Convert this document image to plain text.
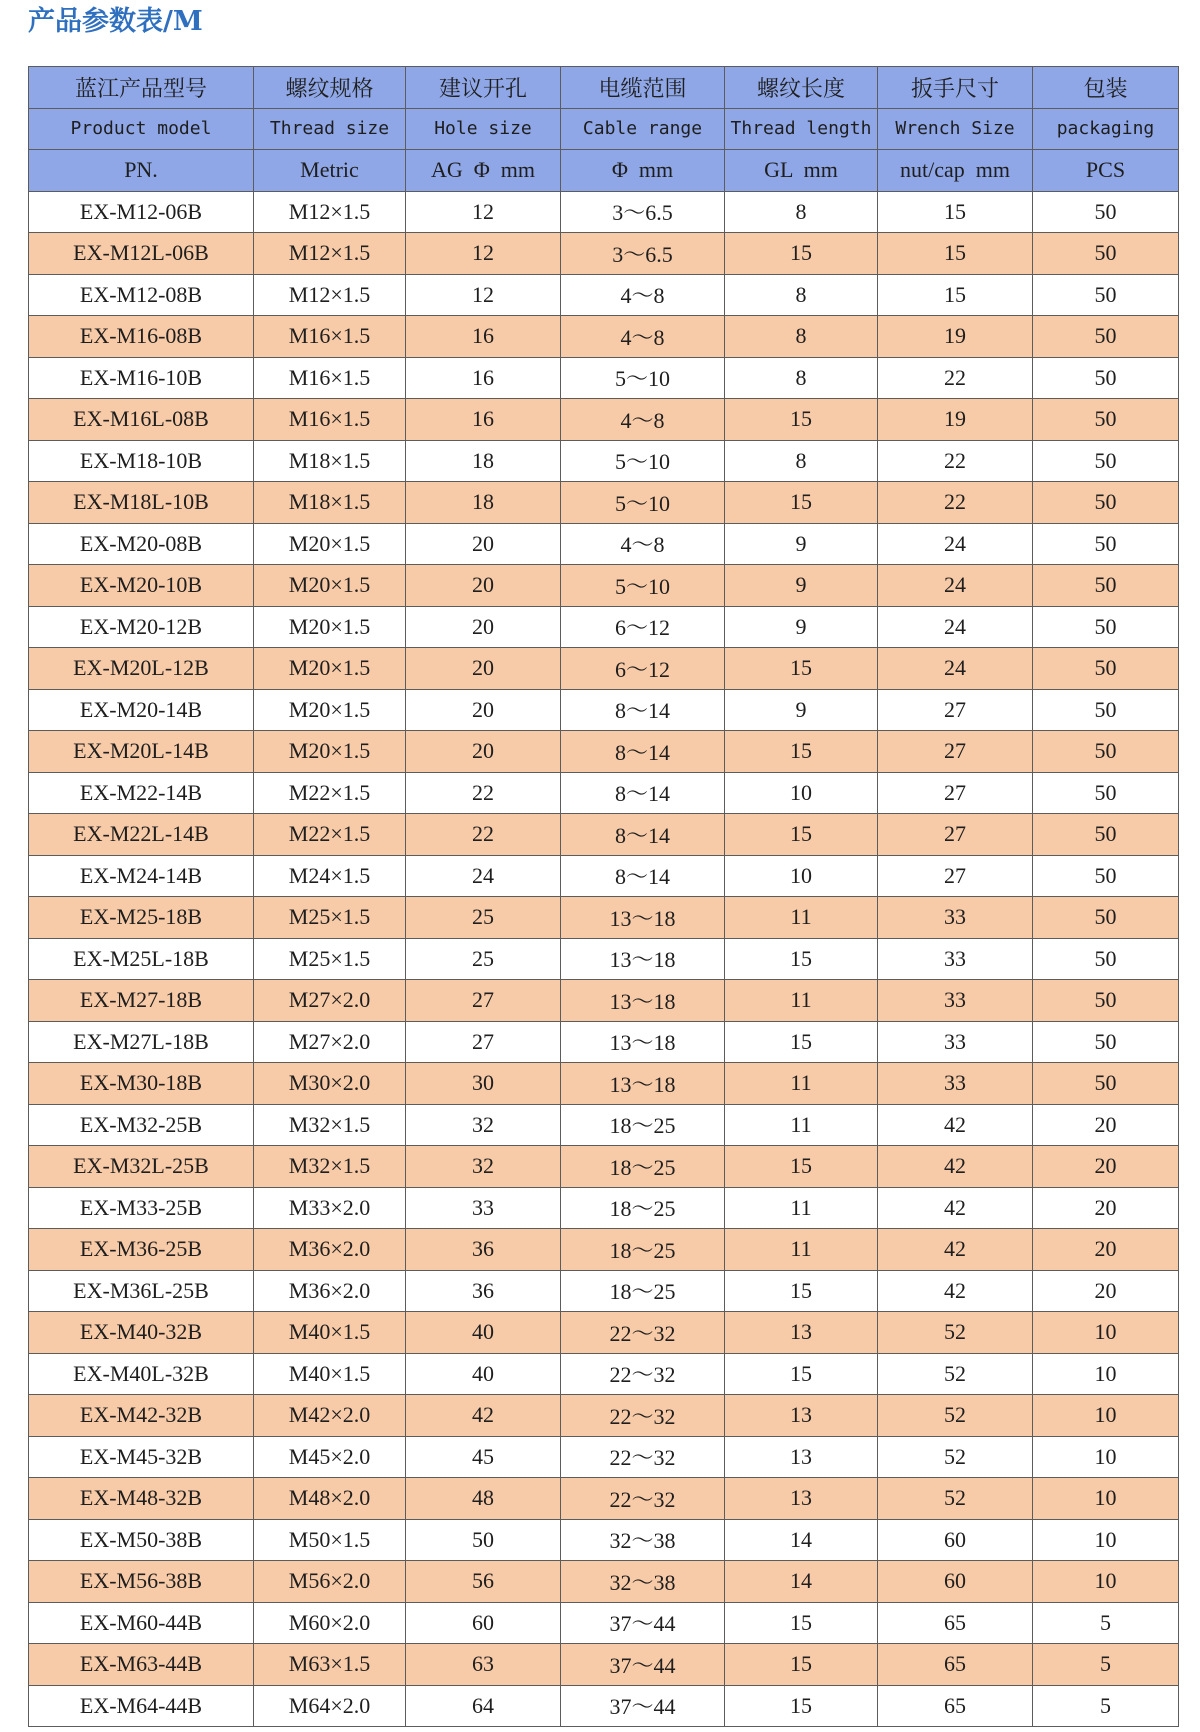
产品参数表/M
蓝江产品型号	螺纹规格	建议开孔	电缆范围	螺纹长度	扳手尺寸	包装
Product model	Thread size	Hole size	Cable range	Thread length	Wrench Size	packaging
PN.	Metric	AG  Φ  mm	Φ  mm	GL  mm	nut/cap  mm	PCS
EX-M12-06B	M12×1.5	12	3～6.5	8	15	50
EX-M12L-06B	M12×1.5	12	3～6.5	15	15	50
EX-M12-08B	M12×1.5	12	4～8	8	15	50
EX-M16-08B	M16×1.5	16	4～8	8	19	50
EX-M16-10B	M16×1.5	16	5～10	8	22	50
EX-M16L-08B	M16×1.5	16	4～8	15	19	50
EX-M18-10B	M18×1.5	18	5～10	8	22	50
EX-M18L-10B	M18×1.5	18	5～10	15	22	50
EX-M20-08B	M20×1.5	20	4～8	9	24	50
EX-M20-10B	M20×1.5	20	5～10	9	24	50
EX-M20-12B	M20×1.5	20	6～12	9	24	50
EX-M20L-12B	M20×1.5	20	6～12	15	24	50
EX-M20-14B	M20×1.5	20	8～14	9	27	50
EX-M20L-14B	M20×1.5	20	8～14	15	27	50
EX-M22-14B	M22×1.5	22	8～14	10	27	50
EX-M22L-14B	M22×1.5	22	8～14	15	27	50
EX-M24-14B	M24×1.5	24	8～14	10	27	50
EX-M25-18B	M25×1.5	25	13～18	11	33	50
EX-M25L-18B	M25×1.5	25	13～18	15	33	50
EX-M27-18B	M27×2.0	27	13～18	11	33	50
EX-M27L-18B	M27×2.0	27	13～18	15	33	50
EX-M30-18B	M30×2.0	30	13～18	11	33	50
EX-M32-25B	M32×1.5	32	18～25	11	42	20
EX-M32L-25B	M32×1.5	32	18～25	15	42	20
EX-M33-25B	M33×2.0	33	18～25	11	42	20
EX-M36-25B	M36×2.0	36	18～25	11	42	20
EX-M36L-25B	M36×2.0	36	18～25	15	42	20
EX-M40-32B	M40×1.5	40	22～32	13	52	10
EX-M40L-32B	M40×1.5	40	22～32	15	52	10
EX-M42-32B	M42×2.0	42	22～32	13	52	10
EX-M45-32B	M45×2.0	45	22～32	13	52	10
EX-M48-32B	M48×2.0	48	22～32	13	52	10
EX-M50-38B	M50×1.5	50	32～38	14	60	10
EX-M56-38B	M56×2.0	56	32～38	14	60	10
EX-M60-44B	M60×2.0	60	37～44	15	65	5
EX-M63-44B	M63×1.5	63	37～44	15	65	5
EX-M64-44B	M64×2.0	64	37～44	15	65	5
